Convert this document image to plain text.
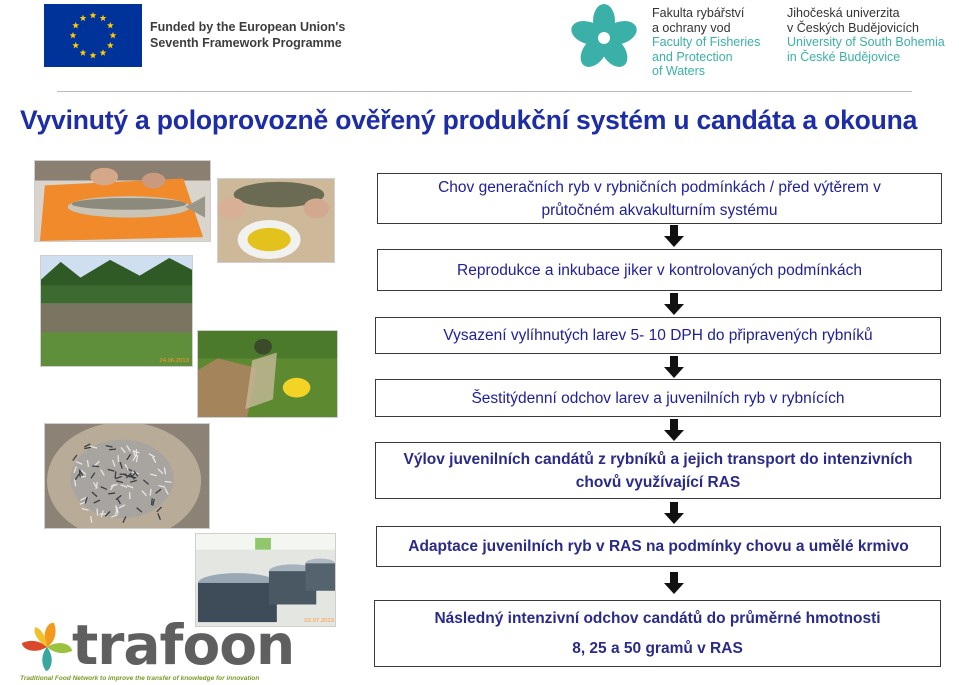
Funded by the European Union's
Seventh Framework Programme
Fakulta rybářství
a ochrany vod
Faculty of Fisheries
and Protection
of Waters
Jihočeská univerzita
v Českých Budějovicích
University of South Bohemia
in České Budějovice
Vyvinutý a poloprovozně ověřený produkční systém u candáta a okouna
24.06.2013
02.07.2013
Chov generačních ryb v rybničních podmínkách / před výtěrem v
průtočném akvakulturním systému
Reprodukce a inkubace jiker v kontrolovaných podmínkách
Vysazení vylíhnutých larev 5- 10 DPH do připravených rybníků
Šestitýdenní odchov larev a juvenilních ryb v rybnících
Výlov juvenilních candátů z rybníků a jejich transport do intenzivních
chovů využívající RAS
Adaptace juvenilních ryb v RAS na podmínky chovu a umělé krmivo
Následný intenzivní odchov candátů do průměrné hmotnosti
8, 25 a 50 gramů v RAS
trafoon
Traditional Food Network to improve the transfer of knowledge for innovation
